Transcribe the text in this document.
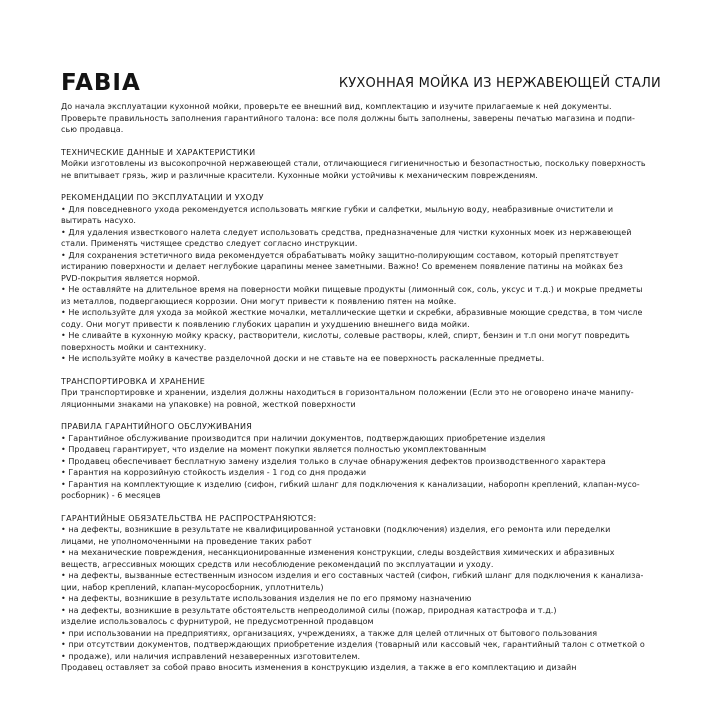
FABIA	КУХОННАЯ МОЙКА ИЗ НЕРЖАВЕЮЩЕЙ СТАЛИ

До начала эксплуатации кухонной мойки, проверьте ее внешний вид, комплектацию и изучите прилагаемые к ней документы.

Проверьте правильность заполнения гарантийного талона: все поля должны быть заполнены, заверены печатью магазина и подпи-

сью продавца.

ТЕХНИЧЕСКИЕ ДАННЫЕ И ХАРАКТЕРИСТИКИ

Мойки изготовлены из высокопрочной нержавеющей стали, отличающиеся гигиеничностью и безопастностью, поскольку поверхность

не впитывает грязь, жир и различные красители. Кухонные мойки устойчивы к механическим повреждениям.

РЕКОМЕНДАЦИИ ПО ЭКСПЛУАТАЦИИ И УХОДУ

• Для повседневного ухода рекомендуется использовать мягкие губки и салфетки, мыльную воду, неабразивные очистители и

вытирать насухо.

• Для удаления известкового налета следует использовать средства, предназначеные для чистки кухонных моек из нержавеющей

стали. Применять чистящее средство следует согласно инструкции.

• Для сохранения эстетичного вида рекомендуется обрабатывать мойку защитно-полирующим составом, который препятствует

истиранию поверхности и делает неглубокие царапины менее заметными. Важно! Со временем появление патины на мойках без

PVD-покрытия является нормой.

• Не оставляйте на длительное время на поверности мойки пищевые продукты (лимонный сок, соль, уксус и т.д.) и мокрые предметы

из металлов, подвергающиеся коррозии. Они могут привести к появлению пятен на мойке.

• Не используйте для ухода за мойкой жесткие мочалки, металлические щетки и скребки, абразивные моющие средства, в том числе

соду. Они могут привести к появлению глубоких царапин и ухудшению внешнего вида мойки.

• Не сливайте в кухонную мойку краску, растворители, кислоты, солевые растворы, клей, спирт, бензин и т.п они могут повредить

поверхность мойки и сантехнику.

• Не используйте мойку в качестве разделочной доски и не ставьте на ее поверхность раскаленные предметы.

ТРАНСПОРТИРОВКА И ХРАНЕНИЕ

При транспортировке и хранении, изделия должны находиться в горизонтальном положении (Если это не оговорено иначе манипу-

ляционными знаками на упаковке) на ровной, жесткой поверхности

ПРАВИЛА ГАРАНТИЙНОГО ОБСЛУЖИВАНИЯ

• Гарантийное обслуживание производится при наличии документов, подтверждающих приобретение изделия

• Продавец гарантирует, что изделие на момент покупки является полностью укомплектованным

• Продавец обеспечивает бесплатную замену изделия только в случае обнаружения дефектов производственного характера

• Гарантия на коррозийную стойкость изделия - 1 год со дня продажи

• Гарантия на комплектующие к изделию (сифон, гибкий шланг для подключения к канализации, наборопн креплений, клапан-мусо-

росборник) - 6 месяцев

ГАРАНТИЙНЫЕ ОБЯЗАТЕЛЬСТВА НЕ РАСПРОСТРАНЯЮТСЯ:

• на дефекты, возникшие в результате не квалифицированной установки (подключения) изделия, его ремонта или переделки

лицами, не уполномоченными на проведение таких работ

• на механические повреждения, несанкционированные изменения конструкции, следы воздействия химических и абразивных

веществ, агрессивных моющих средств или несоблюдение рекомендаций по эксплуатации и уходу.

• на дефекты, вызванные естественным износом изделия и его составных частей (сифон, гибкий шланг для подключения к канализа-

ции, набор креплений, клапан-мусоросборник, уплотнитель)

• на дефекты, возникшие в результате использования изделия не по его прямому назначению

• на дефекты, возникшие в результате обстоятельств непреодолимой силы (пожар, природная катастрофа и т.д.)

изделие использовалось с фурнитурой, не предусмотренной продавцом

• при использовании на предприятиях, организациях, учреждениях, а также для целей отличных от бытового пользования

• при отсутствии документов, подтверждающих приобретение изделия (товарный или кассовый чек, гарантийный талон с отметкой о

• продаже), или наличия исправлений незаверенных изготовителем.

Продавец оставляет за собой право вносить изменения в конструкцию изделия, а также в его комплектацию и дизайн
